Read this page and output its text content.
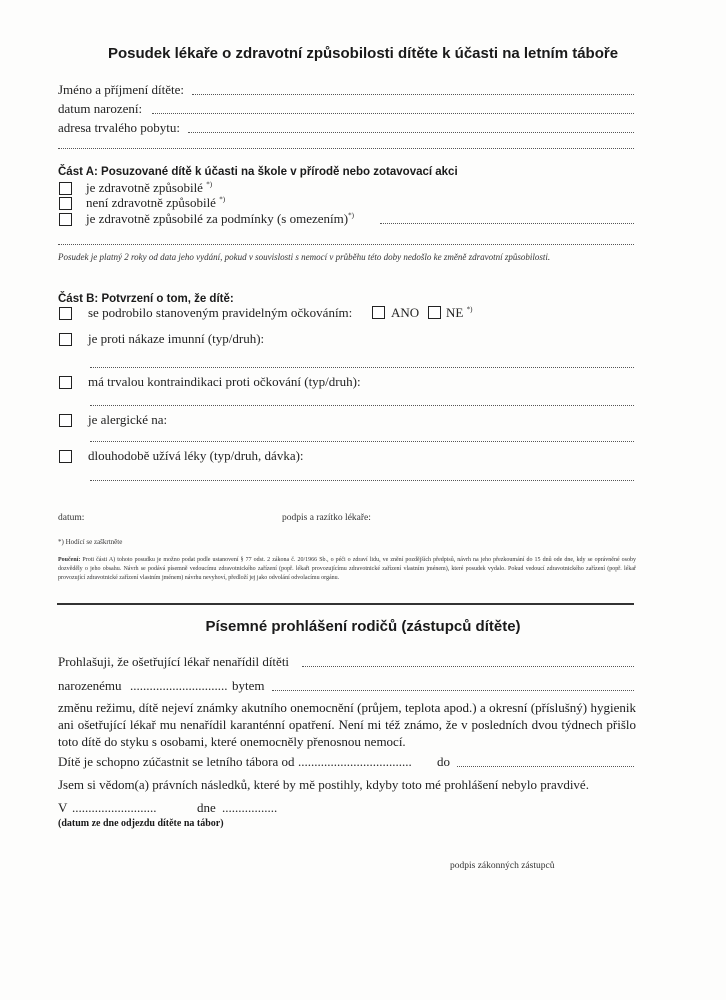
Posudek lékaře o zdravotní způsobilosti dítěte k účasti na letním táboře
Jméno a příjmení dítěte:
datum narození:
adresa trvalého pobytu:
Část A: Posuzované dítě k účasti na škole v přírodě nebo zotavovací akci
je zdravotně způsobilé *)
není zdravotně způsobilé *)
je zdravotně způsobilé za podmínky (s omezením)*)
Posudek je platný 2 roky od data jeho vydání, pokud v souvislosti s nemocí v průběhu této doby nedošlo ke změně zdravotní způsobilosti.
Část B: Potvrzení o tom, že dítě:
se podrobilo stanoveným pravidelným očkováním:	ANO NE *)
je proti nákaze imunní (typ/druh):
má trvalou kontraindikaci proti očkování (typ/druh):
je alergické na:
dlouhodobě užívá léky (typ/druh, dávka):
datum:	podpis a razítko lékaře:
*) Hodící se zaškrtněte
Poučení: Proti části A) tohoto posudku je možno podat podle ustanovení § 77 odst. 2 zákona č. 20/1966 Sb., o péči o zdraví lidu, ve znění pozdějších předpisů, návrh na jeho přezkoumání do 15 dnů ode dne, kdy se oprávněné osoby dozvěděly o jeho obsahu. Návrh se podává písemně vedoucímu zdravotnického zařízení (popř. lékaři provozujícímu zdravotnické zařízení vlastním jménem), které posudek vydalo. Pokud vedoucí zdravotnického zařízení (popř. lékař provozující zdravotnické zařízení vlastním jménem) návrhu nevyhoví, předloží jej jako odvolání odvolacímu orgánu.
Písemné prohlášení rodičů (zástupců dítěte)
Prohlašuji, že ošetřující lékař nenařídil dítěti
narozenému .............................. bytem
změnu režimu, dítě nejeví známky akutního onemocnění (průjem, teplota apod.) a okresní (příslušný) hygienik ani ošetřující lékař mu nenařídil karanténní opatření. Není mi též známo, že v posledních dvou týdnech přišlo toto dítě do styku s osobami, které onemocněly přenosnou nemocí.
Dítě je schopno zúčastnit se letního tábora od ................................... do
Jsem si vědom(a) právních následků, které by mě postihly, kdyby toto mé prohlášení nebylo pravdivé.
V ..........................	dne .................
(datum ze dne odjezdu dítěte na tábor)
podpis zákonných zástupců
